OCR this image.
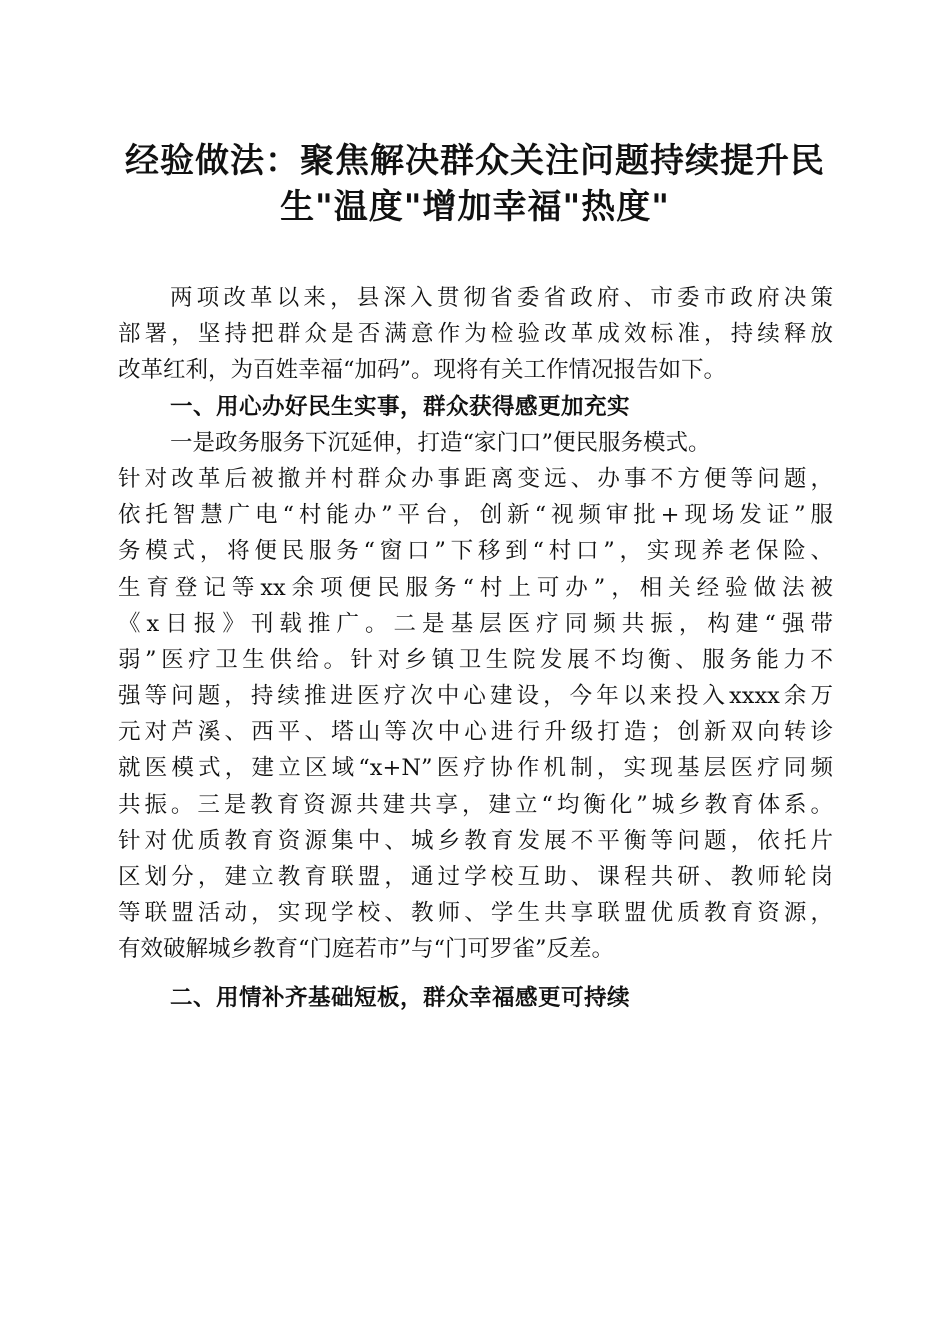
经验做法：聚焦解决群众关注问题持续提升民
生"温度"增加幸福"热度"
两项改革以来，县深入贯彻省委省政府、市委市政府决策
部署，坚持把群众是否满意作为检验改革成效标准，持续释放
改革红利，为百姓幸福“加码”。现将有关工作情况报告如下。
一、用心办好民生实事，群众获得感更加充实
一是政务服务下沉延伸，打造“家门口”便民服务模式。
针对改革后被撤并村群众办事距离变远、办事不方便等问题，
依托智慧广电“村能办”平台，创新“视频审批+现场发证”服
务模式，将便民服务“窗口”下移到“村口”，实现养老保险、
生育登记等xx余项便民服务“村上可办”，相关经验做法被
《x日报》刊载推广。二是基层医疗同频共振，构建“强带
弱”医疗卫生供给。针对乡镇卫生院发展不均衡、服务能力不
强等问题，持续推进医疗次中心建设，今年以来投入xxxx余万
元对芦溪、西平、塔山等次中心进行升级打造；创新双向转诊
就医模式，建立区域“x+N”医疗协作机制，实现基层医疗同频
共振。三是教育资源共建共享，建立“均衡化”城乡教育体系。
针对优质教育资源集中、城乡教育发展不平衡等问题，依托片
区划分，建立教育联盟，通过学校互助、课程共研、教师轮岗
等联盟活动，实现学校、教师、学生共享联盟优质教育资源，
有效破解城乡教育“门庭若市”与“门可罗雀”反差。
二、用情补齐基础短板，群众幸福感更可持续
